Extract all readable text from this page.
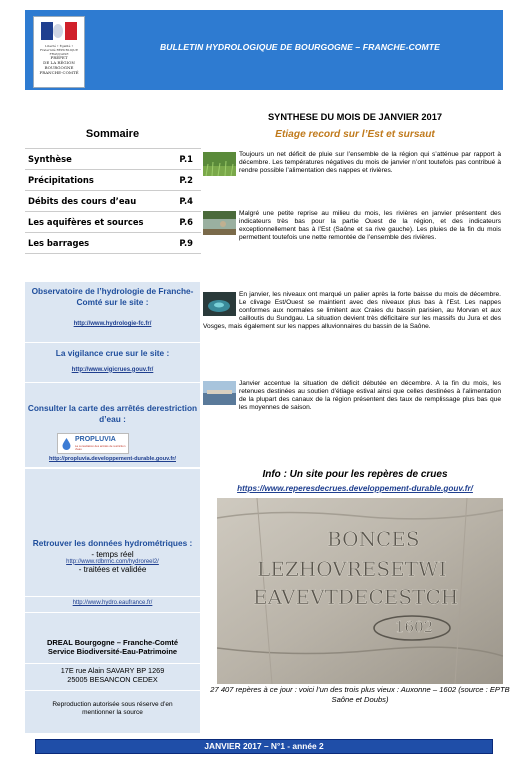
Liberté • Égalité • Fraternité RÉPUBLIQUE FRANÇAISE
PRÉFET
DE LA RÉGION
BOURGOGNE
FRANCHE-COMTÉ
BULLETIN HYDROLOGIQUE DE BOURGOGNE – FRANCHE-COMTE
Sommaire
Synthèse	P.1
Précipitations	P.2
Débits des cours d’eau	P.4
Les aquifères et sources	P.6
Les barrages	P.9
Observatoire de l’hydrologie de Franche-Comté sur le site :
http://www.hydrologie-fc.fr/
La vigilance crue sur le site :
http://www.vigicrues.gouv.fr/
Consulter la carte des arrêtés derestriction d’eau :
PROPLUVIA
La consultation des arrêtés de restriction d'eau
http://propluvia.developpement-durable.gouv.fr/
Retrouver les données hydrométriques :
- temps réel
http://www.rdbrmc.com/hydroreel2/
- traitées et validée
http://www.hydro.eaufrance.fr/
DREAL Bourgogne – Franche-Comté
Service Biodiversité-Eau-Patrimoine
17E rue Alain SAVARY BP 1269
25005 BESANCON CEDEX
Reproduction autorisée sous réserve d’en mentionner la source
SYNTHESE DU MOIS DE JANVIER 2017
Etiage record sur l’Est et sursaut
Toujours un net déficit de pluie sur l’ensemble de la région qui s’atténue par rapport à décembre. Les températures négatives du mois de janvier n’ont toutefois pas contribué à rendre possible l’alimentation des nappes et rivières.
Malgré une petite reprise au milieu du mois, les rivières en janvier présentent des indicateurs très bas pour la partie Ouest de la région, et des indicateurs exceptionnellement bas à l’Est (Saône et sa rive gauche). Les pluies de la fin du mois permettent toutefois une nette remontée de l’ensemble des rivières.
En janvier, les niveaux ont marqué un palier après la forte baisse du mois de décembre. Le clivage Est/Ouest se maintient avec des niveaux plus bas à l’Est. Les nappes conformes aux normales se limitent aux Craies du bassin parisien, au Morvan et aux cailloutis du Sundgau. La situation devient très déficitaire sur les massifs du Jura et des Vosges, mais également sur les nappes alluvionnaires du bassin de la Saône.
Janvier accentue la situation de déficit débutée en décembre. A la fin du mois, les retenues destinées au soutien d’étiage estival ainsi que celles destinées à l’alimentation de la plupart des canaux de la région présentent des taux de remplissage plus bas que les moyennes de saison.
Info : Un site pour les repères de crues
https://www.reperesdecrues.developpement-durable.gouv.fr/
BONCES
LEZHOVRESETWI
EAVEVTDECESTCH
1602
27 407 repères à ce jour : voici l’un des trois plus vieux : Auxonne – 1602 (source : EPTB Saône et Doubs)
JANVIER 2017 – N°1 - année 2
